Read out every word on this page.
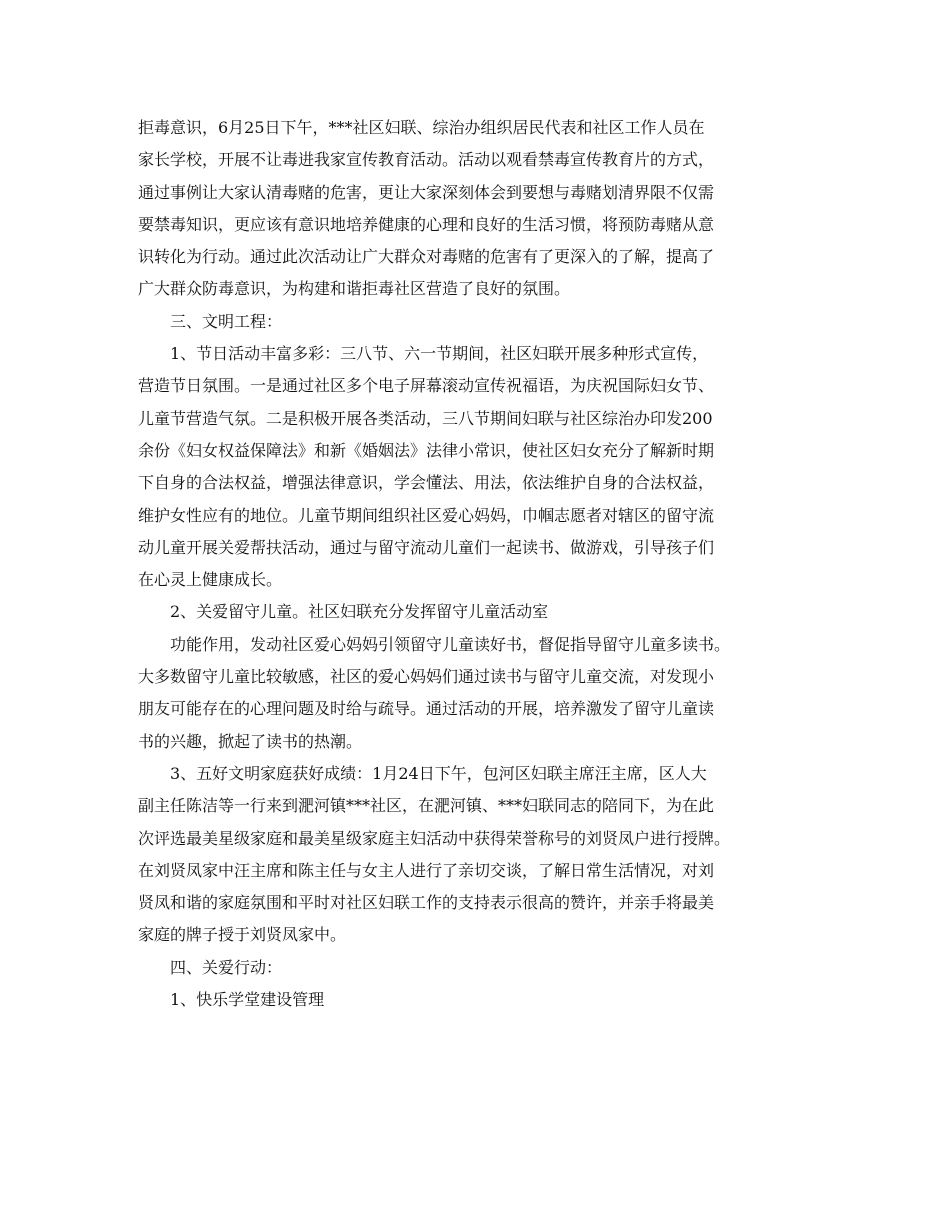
拒毒意识，6月25日下午，***社区妇联、综治办组织居民代表和社区工作人员在
家长学校，开展不让毒进我家宣传教育活动。活动以观看禁毒宣传教育片的方式，
通过事例让大家认清毒赌的危害，更让大家深刻体会到要想与毒赌划清界限不仅需
要禁毒知识，更应该有意识地培养健康的心理和良好的生活习惯，将预防毒赌从意
识转化为行动。通过此次活动让广大群众对毒赌的危害有了更深入的了解，提高了
广大群众防毒意识，为构建和谐拒毒社区营造了良好的氛围。
三、文明工程：
1、节日活动丰富多彩：三八节、六一节期间，社区妇联开展多种形式宣传，
营造节日氛围。一是通过社区多个电子屏幕滚动宣传祝福语，为庆祝国际妇女节、
儿童节营造气氛。二是积极开展各类活动，三八节期间妇联与社区综治办印发200
余份《妇女权益保障法》和新《婚姻法》法律小常识，使社区妇女充分了解新时期
下自身的合法权益，增强法律意识，学会懂法、用法，依法维护自身的合法权益，
维护女性应有的地位。儿童节期间组织社区爱心妈妈，巾帼志愿者对辖区的留守流
动儿童开展关爱帮扶活动，通过与留守流动儿童们一起读书、做游戏，引导孩子们
在心灵上健康成长。
2、关爱留守儿童。社区妇联充分发挥留守儿童活动室
功能作用，发动社区爱心妈妈引领留守儿童读好书，督促指导留守儿童多读书。
大多数留守儿童比较敏感，社区的爱心妈妈们通过读书与留守儿童交流，对发现小
朋友可能存在的心理问题及时给与疏导。通过活动的开展，培养激发了留守儿童读
书的兴趣，掀起了读书的热潮。
3、五好文明家庭获好成绩：1月24日下午，包河区妇联主席汪主席，区人大
副主任陈洁等一行来到淝河镇***社区，在淝河镇、***妇联同志的陪同下，为在此
次评选最美星级家庭和最美星级家庭主妇活动中获得荣誉称号的刘贤凤户进行授牌。
在刘贤凤家中汪主席和陈主任与女主人进行了亲切交谈，了解日常生活情况，对刘
贤凤和谐的家庭氛围和平时对社区妇联工作的支持表示很高的赞许，并亲手将最美
家庭的牌子授于刘贤凤家中。
四、关爱行动：
1、快乐学堂建设管理
